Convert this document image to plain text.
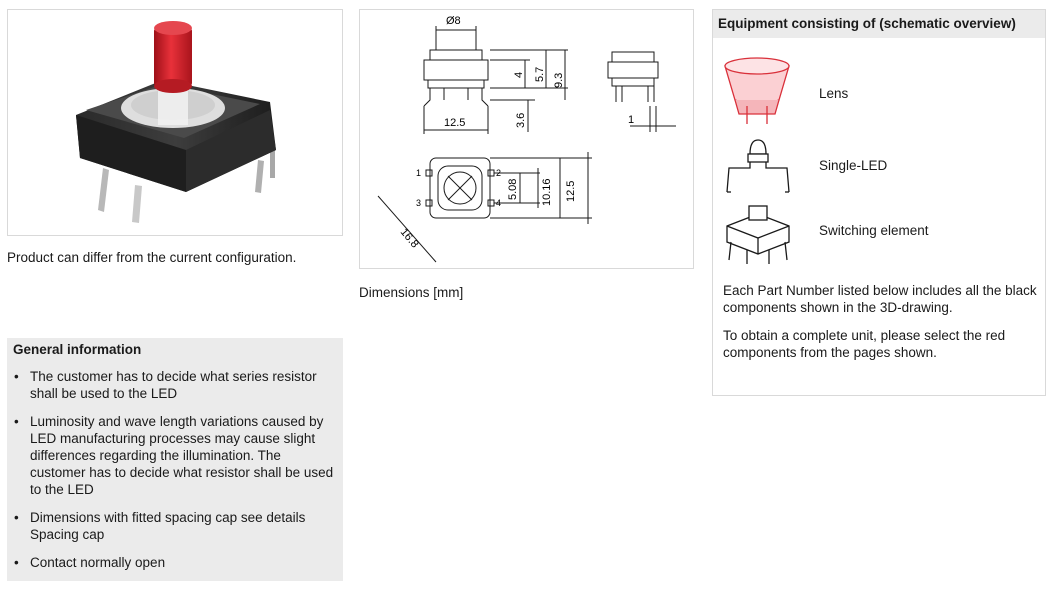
Product can differ from the current configuration.
Ø8
12.5
4 5.7 9.3
3.6	1
5.08 10.16 12.5
16.8
1	2
3	4
Dimensions [mm]
General information
• The customer has to decide what series resistor shall be used to the LED
• Luminosity and wave length variations caused by LED manufacturing processes may cause slight differences regarding the illumination. The customer has to decide what resistor shall be used to the LED
• Dimensions with fitted spacing cap see details Spacing cap
• Contact normally open
Equipment consisting of (schematic overview)
Lens
Single-LED
Switching element
Each Part Number listed below includes all the black components shown in the 3D-drawing.
To obtain a complete unit, please select the red components from the pages shown.
